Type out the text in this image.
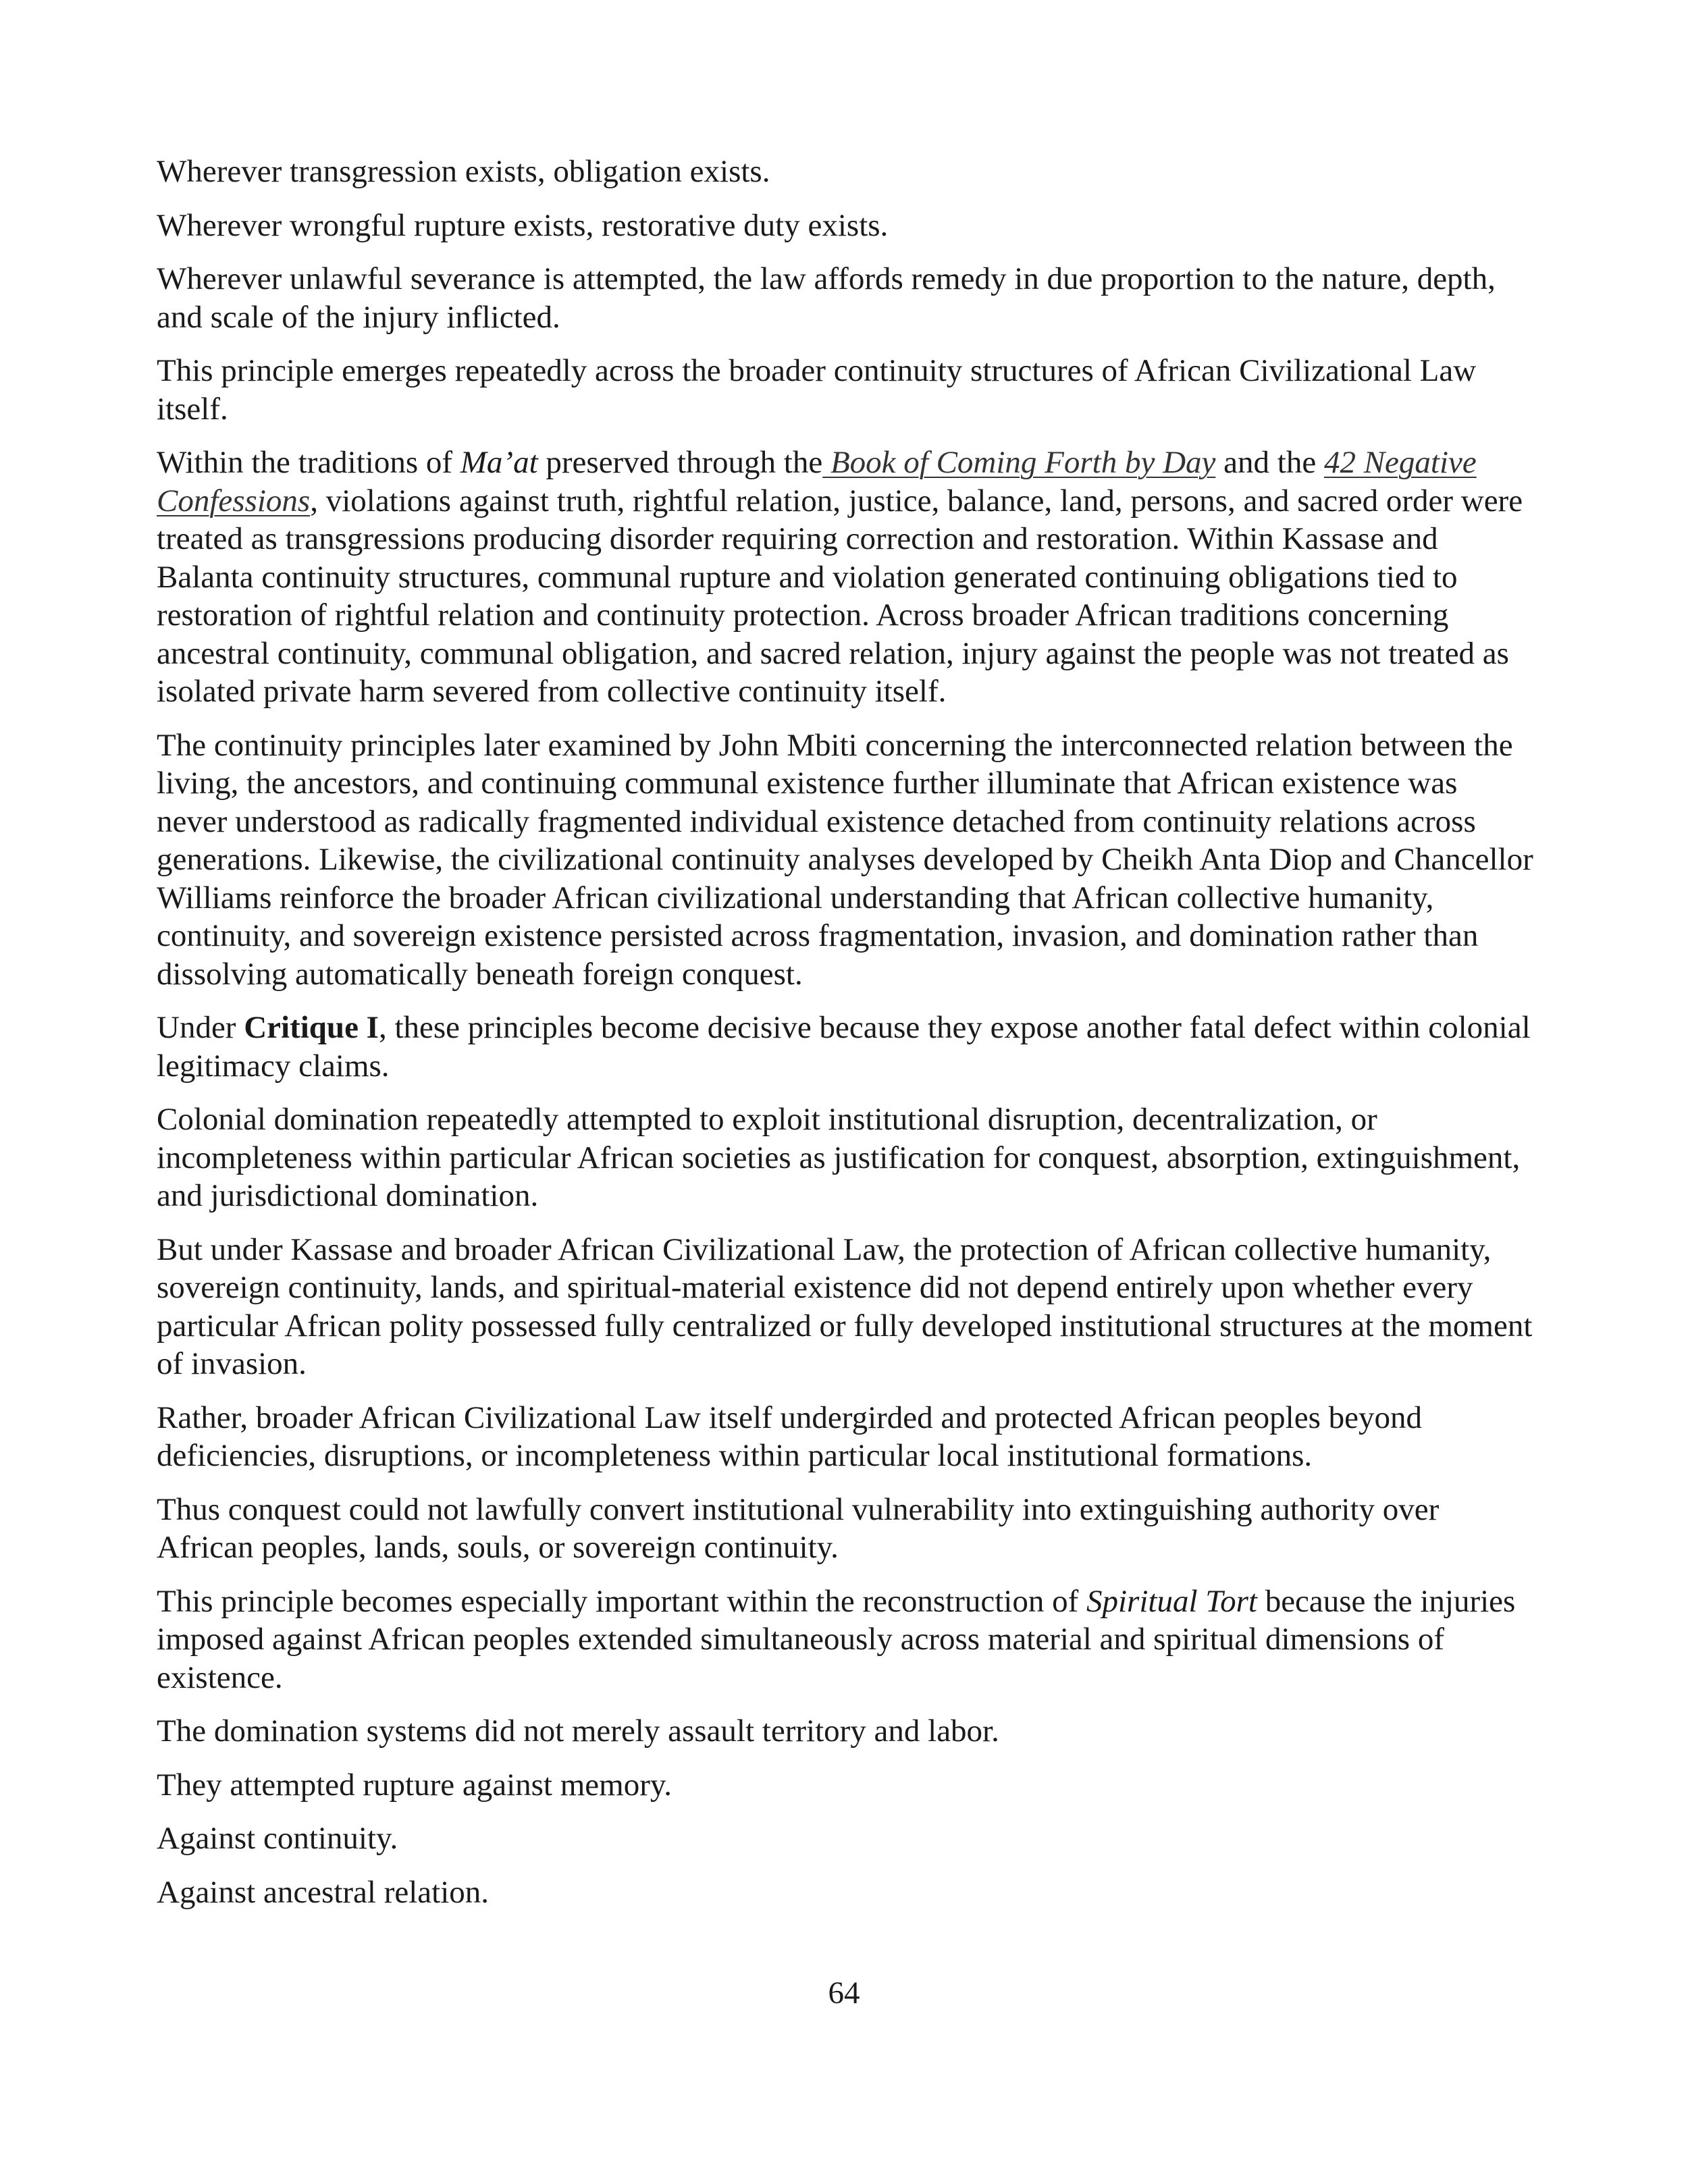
Wherever transgression exists, obligation exists.

Wherever wrongful rupture exists, restorative duty exists.

Wherever unlawful severance is attempted, the law affords remedy in due proportion to the nature, depth, and scale of the injury inflicted.

This principle emerges repeatedly across the broader continuity structures of African Civilizational Law itself.

Within the traditions of Ma’at preserved through the Book of Coming Forth by Day and the 42 Negative Confessions, violations against truth, rightful relation, justice, balance, land, persons, and sacred order were treated as transgressions producing disorder requiring correction and restoration. Within Kassase and Balanta continuity structures, communal rupture and violation generated continuing obligations tied to restoration of rightful relation and continuity protection. Across broader African traditions concerning ancestral continuity, communal obligation, and sacred relation, injury against the people was not treated as isolated private harm severed from collective continuity itself.

The continuity principles later examined by John Mbiti concerning the interconnected relation between the living, the ancestors, and continuing communal existence further illuminate that African existence was never understood as radically fragmented individual existence detached from continuity relations across generations. Likewise, the civilizational continuity analyses developed by Cheikh Anta Diop and Chancellor Williams reinforce the broader African civilizational understanding that African collective humanity, continuity, and sovereign existence persisted across fragmentation, invasion, and domination rather than dissolving automatically beneath foreign conquest.

Under Critique I, these principles become decisive because they expose another fatal defect within colonial legitimacy claims.

Colonial domination repeatedly attempted to exploit institutional disruption, decentralization, or incompleteness within particular African societies as justification for conquest, absorption, extinguishment, and jurisdictional domination.

But under Kassase and broader African Civilizational Law, the protection of African collective humanity, sovereign continuity, lands, and spiritual-material existence did not depend entirely upon whether every particular African polity possessed fully centralized or fully developed institutional structures at the moment of invasion.

Rather, broader African Civilizational Law itself undergirded and protected African peoples beyond deficiencies, disruptions, or incompleteness within particular local institutional formations.

Thus conquest could not lawfully convert institutional vulnerability into extinguishing authority over African peoples, lands, souls, or sovereign continuity.

This principle becomes especially important within the reconstruction of Spiritual Tort because the injuries imposed against African peoples extended simultaneously across material and spiritual dimensions of existence.

The domination systems did not merely assault territory and labor.

They attempted rupture against memory.

Against continuity.

Against ancestral relation.

64
